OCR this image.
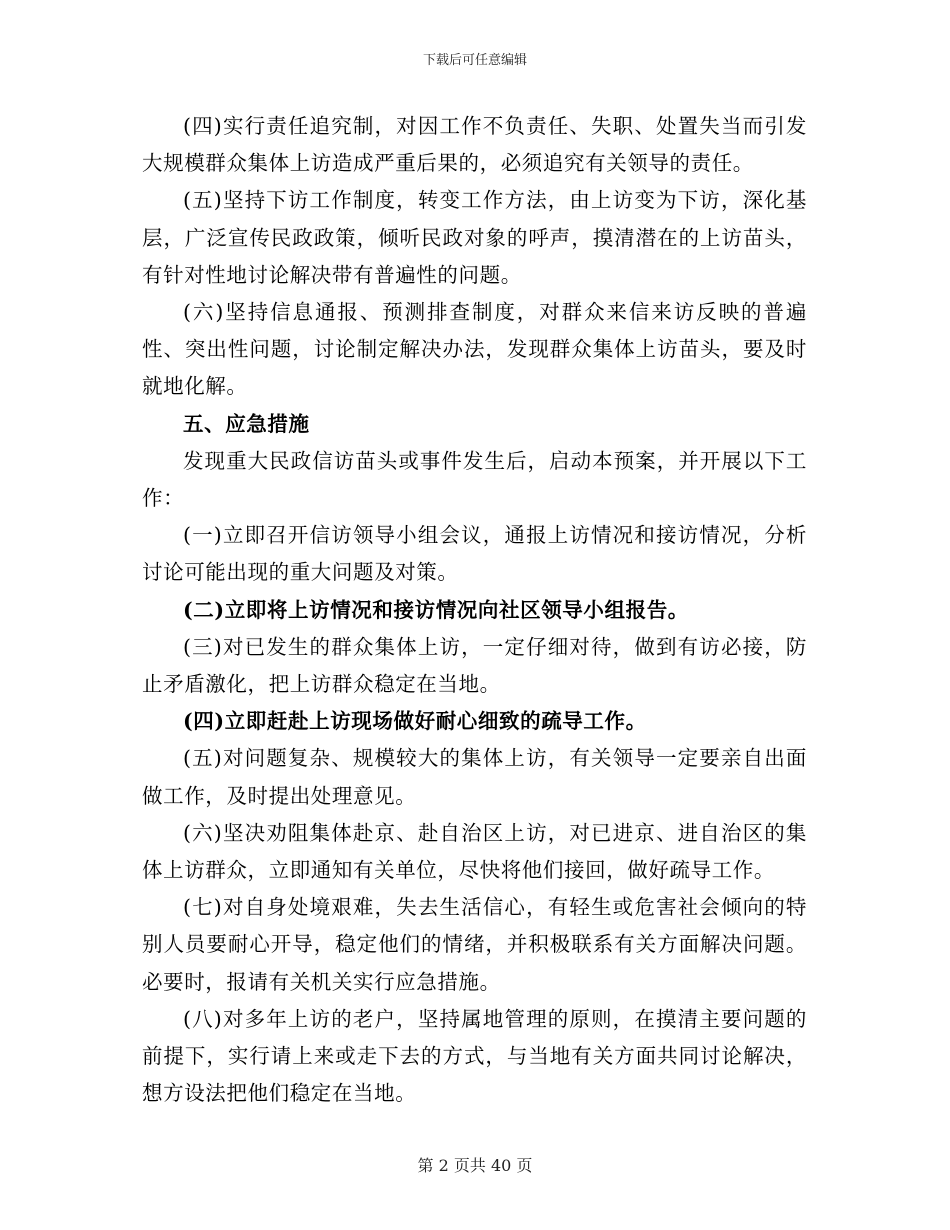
下载后可任意编辑

(四)实行责任追究制，对因工作不负责任、失职、处置失当而引发大规模群众集体上访造成严重后果的，必须追究有关领导的责任。

(五)坚持下访工作制度，转变工作方法，由上访变为下访，深化基层，广泛宣传民政政策，倾听民政对象的呼声，摸清潜在的上访苗头，有针对性地讨论解决带有普遍性的问题。

(六)坚持信息通报、预测排查制度，对群众来信来访反映的普遍性、突出性问题，讨论制定解决办法，发现群众集体上访苗头，要及时就地化解。

五、应急措施

发现重大民政信访苗头或事件发生后，启动本预案，并开展以下工作：

(一)立即召开信访领导小组会议，通报上访情况和接访情况，分析讨论可能出现的重大问题及对策。

(二)立即将上访情况和接访情况向社区领导小组报告。

(三)对已发生的群众集体上访，一定仔细对待，做到有访必接，防止矛盾激化，把上访群众稳定在当地。

(四)立即赶赴上访现场做好耐心细致的疏导工作。

(五)对问题复杂、规模较大的集体上访，有关领导一定要亲自出面做工作，及时提出处理意见。

(六)坚决劝阻集体赴京、赴自治区上访，对已进京、进自治区的集体上访群众，立即通知有关单位，尽快将他们接回，做好疏导工作。

(七)对自身处境艰难，失去生活信心，有轻生或危害社会倾向的特别人员要耐心开导，稳定他们的情绪，并积极联系有关方面解决问题。必要时，报请有关机关实行应急措施。

(八)对多年上访的老户，坚持属地管理的原则，在摸清主要问题的前提下，实行请上来或走下去的方式，与当地有关方面共同讨论解决，想方设法把他们稳定在当地。

第 2 页共 40 页
